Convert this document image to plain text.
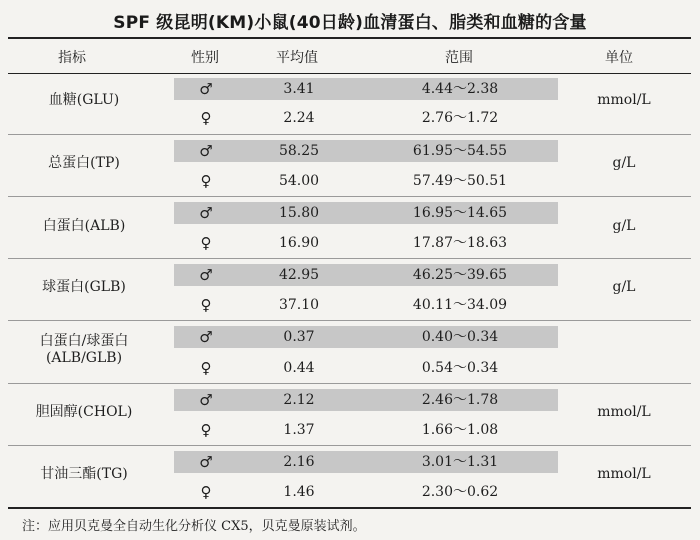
SPF 级昆明(KM)小鼠(40日龄)血清蛋白、脂类和血糖的含量
指标	性别	平均值	范围	单位
血糖(GLU)
♂	3.41	4.44～2.38
mmol/L
♀	2.24	2.76～1.72
总蛋白(TP)
♂	58.25	61.95～54.55
g/L
♀	54.00	57.49～50.51
白蛋白(ALB)
♂	15.80	16.95～14.65
g/L
♀	16.90	17.87～18.63
球蛋白(GLB)
♂	42.95	46.25～39.65
g/L
♀	37.10	40.11～34.09
白蛋白/球蛋白
(ALB/GLB)
♂	0.37	0.40～0.34
♀	0.44	0.54～0.34
胆固醇(CHOL)
♂	2.12	2.46～1.78
mmol/L
♀	1.37	1.66～1.08
甘油三酯(TG)
♂	2.16	3.01～1.31
mmol/L
♀	1.46	2.30～0.62
注：应用贝克曼全自动生化分析仪 CX5，贝克曼原装试剂。
